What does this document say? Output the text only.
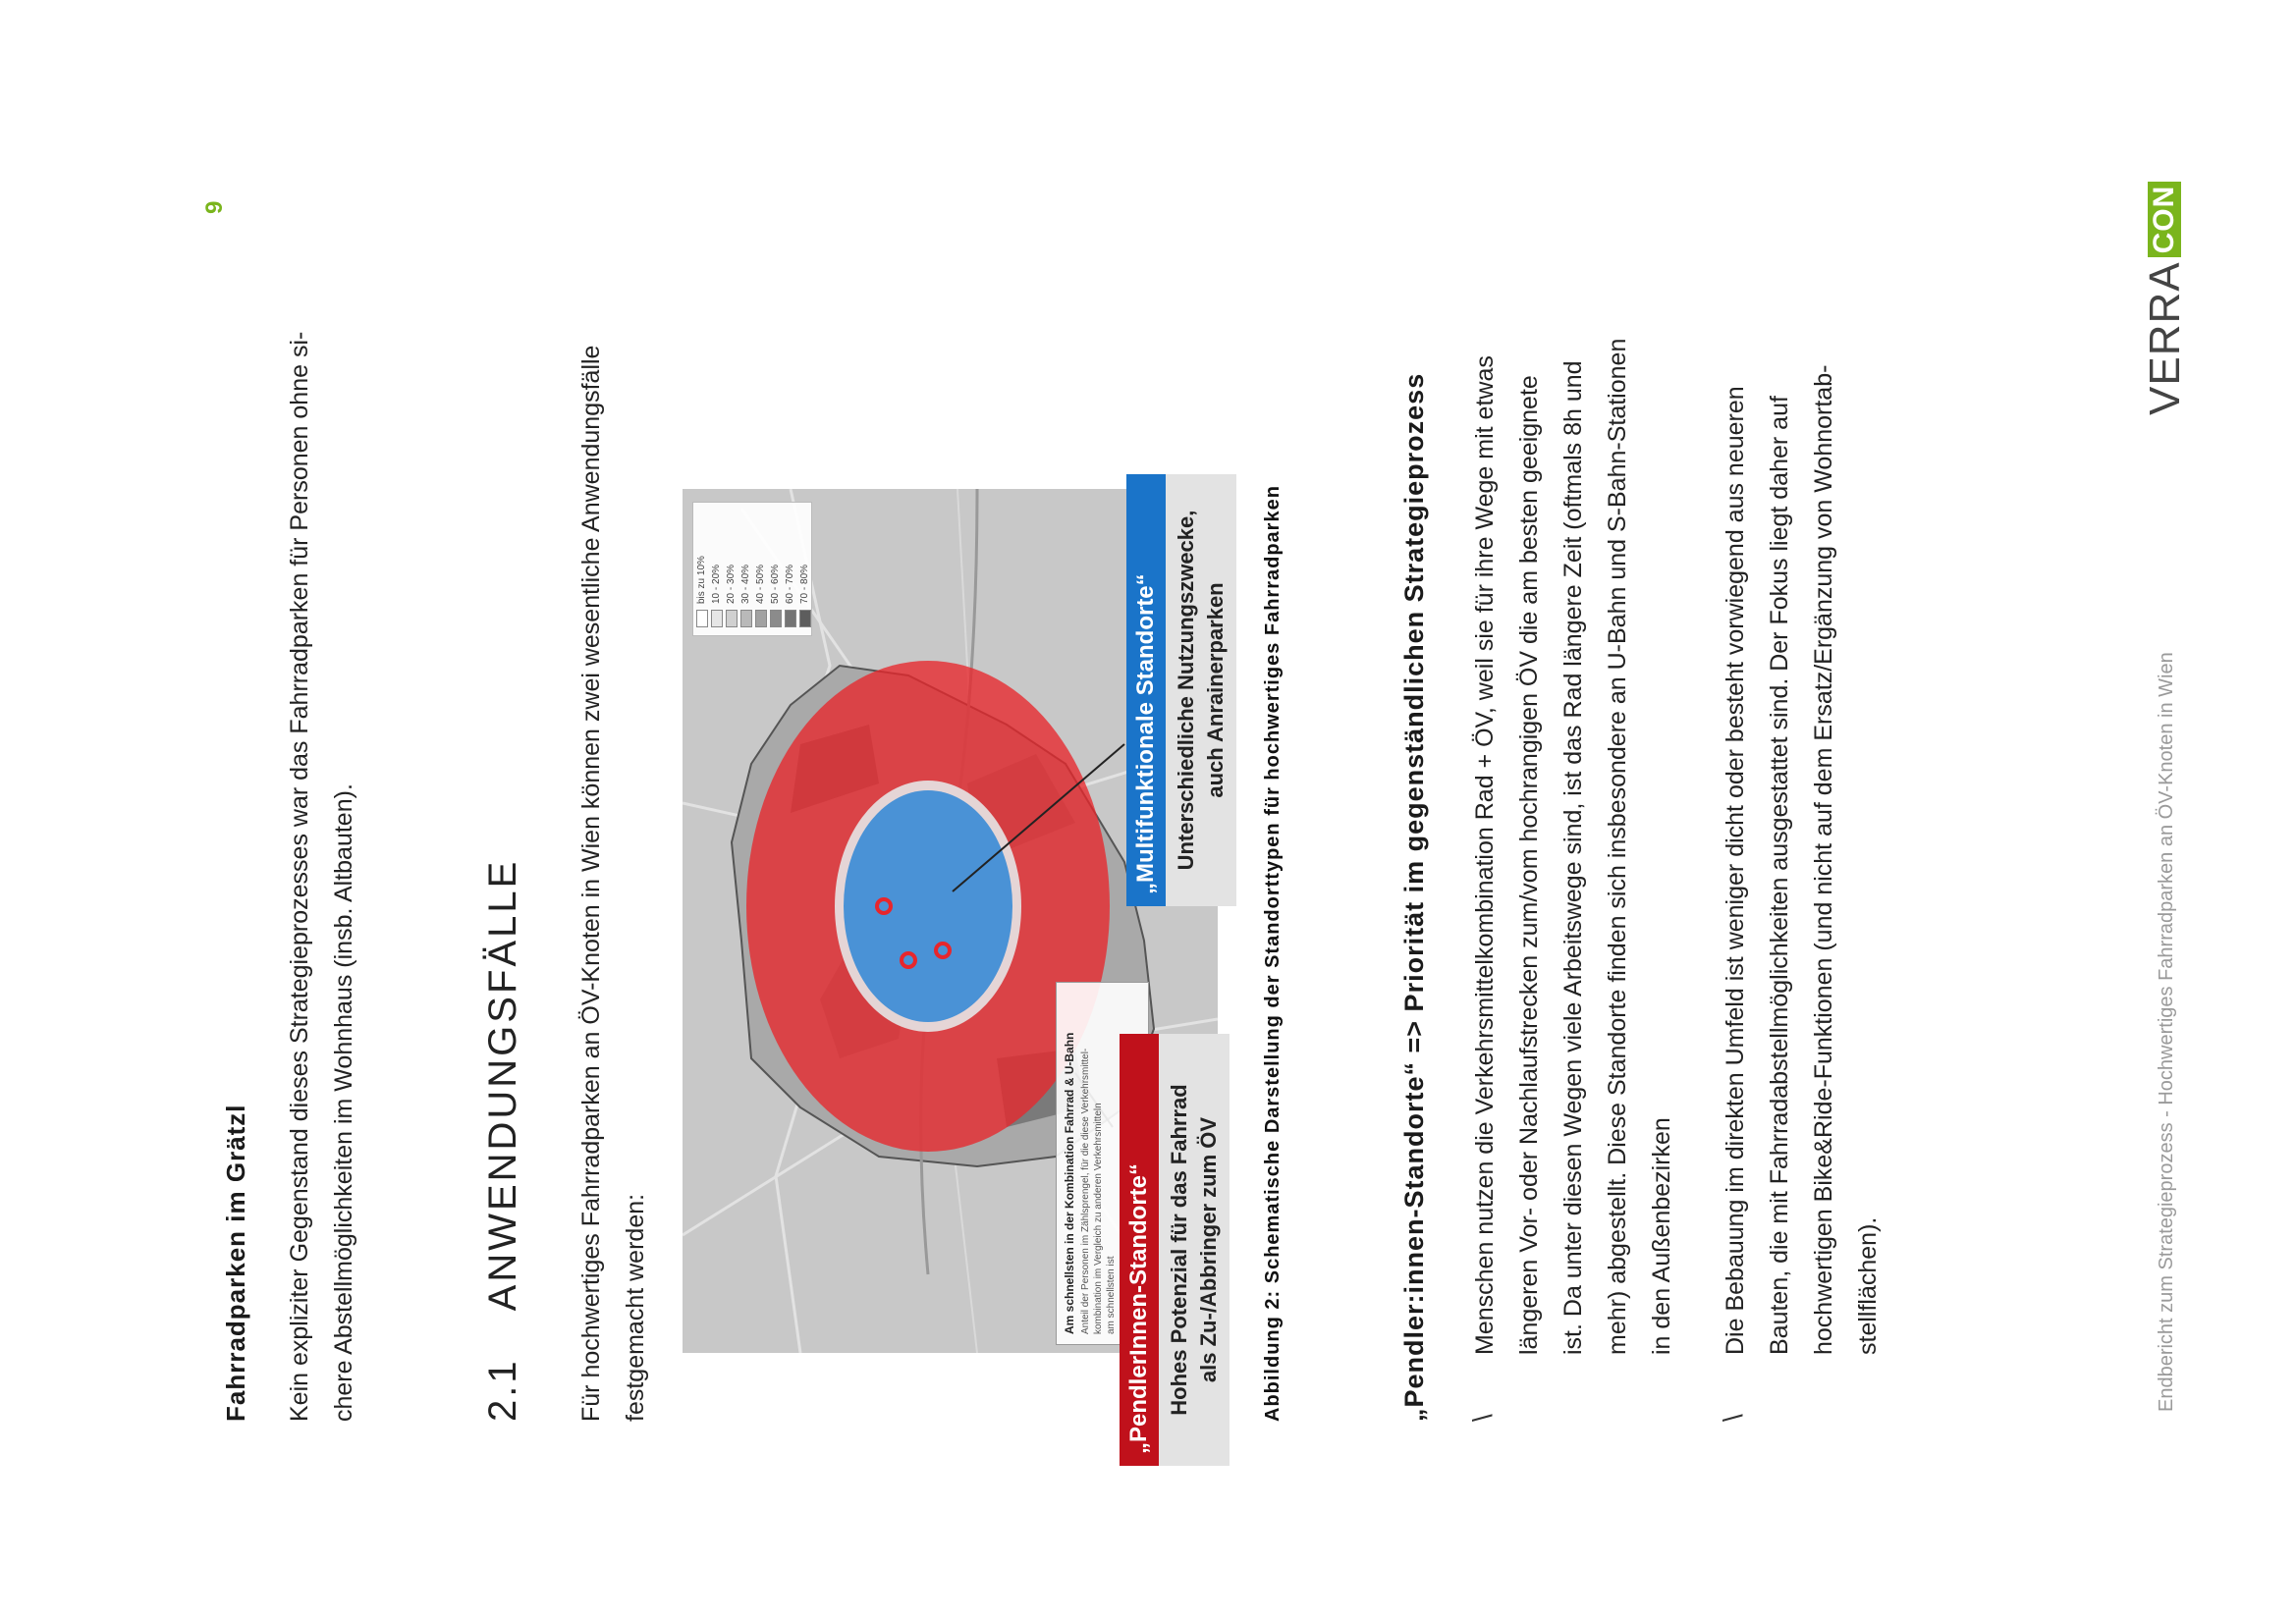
9
Fahrradparken im Grätzl	Kein expliziter Gegenstand dieses Strategieprozesses war das Fahrradparken für Personen ohne si- chere Abstellmöglichkeiten im Wohnhaus (insb. Altbauten).	2.1  ANWENDUNGSFÄLLE	Für hochwertiges Fahrradparken an ÖV-Knoten in Wien können zwei wesentliche Anwendungsfälle festgemacht werden:
bis zu 10% 10 - 20% 20 - 30% 30 - 40% 40 - 50% 50 - 60% 60 - 70% 70 - 80%
Am schnellsten in der Kombination Fahrrad & U-Bahn Anteil der Personen im Zählsprengel, für die diese Verkehrsmittel- kombination im Vergleich zu anderen Verkehrsmitteln am schnellsten ist „PendlerInnen-Standorte“ Hohes Potenzial für das Fahrrad als Zu-/Abbringer zum ÖV
„Multifunktionale Standorte“ Unterschiedliche Nutzungszwecke, auch Anrainerparken Abbildung 2: Schematische Darstellung der Standorttypen für hochwertiges Fahrradparken	„Pendler:innen-Standorte“ => Priorität im gegenständlichen Strategieprozess \
Menschen nutzen die Verkehrsmittelkombination Rad + ÖV, weil sie für ihre Wege mit etwas längeren Vor- oder Nachlaufstrecken zum/vom hochrangigen ÖV die am besten geeignete ist. Da unter diesen Wegen viele Arbeitswege sind, ist das Rad längere Zeit (oftmals 8h und mehr) abgestellt. Diese Standorte finden sich insbesondere an U-Bahn und S-Bahn-Stationen in den Außenbezirken
\
Die Bebauung im direkten Umfeld ist weniger dicht oder besteht vorwiegend aus neueren Bauten, die mit Fahrradabstellmöglichkeiten ausgestattet sind. Der Fokus liegt daher auf hochwertigen Bike&Ride-Funktionen (und nicht auf dem Ersatz/Ergänzung von Wohnortab- stellflächen).	Endbericht zum Strategieprozess - Hochwertiges Fahrradparken an ÖV-Knoten in Wien
VERRACON
